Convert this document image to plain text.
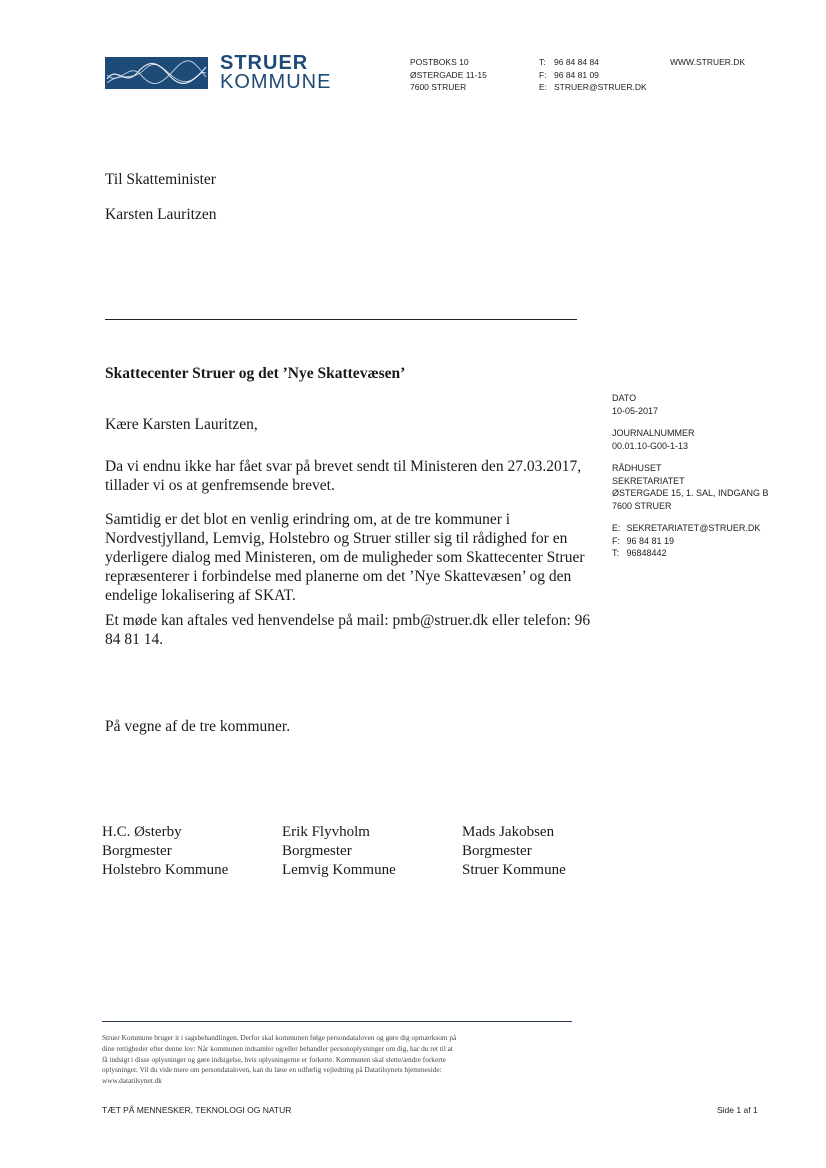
STRUER
KOMMUNE
POSTBOKS 10
ØSTERGADE 11-15
7600 STRUER
T: 96 84 84 84
F: 96 84 81 09
E: STRUER@STRUER.DK
WWW.STRUER.DK
Til Skatteminister
Karsten Lauritzen
Skattecenter Struer og det ’Nye Skattevæsen’
Kære Karsten Lauritzen,

Da vi endnu ikke har fået svar på brevet sendt til Ministeren den 27.03.2017, tillader vi os at genfremsende brevet.

Samtidig er det blot en venlig erindring om, at de tre kommuner i Nordvestjylland, Lemvig, Holstebro og Struer stiller sig til rådighed for en yderligere dialog med Ministeren, om de muligheder som Skattecenter Struer repræsenterer i forbindelse med planerne om det ’Nye Skattevæsen’ og den endelige lokalisering af SKAT.

Et møde kan aftales ved henvendelse på mail: pmb@struer.dk eller telefon: 96 84 81 14.

På vegne af de tre kommuner.
H.C. Østerby
Borgmester
Holstebro Kommune
Erik Flyvholm
Borgmester
Lemvig Kommune
Mads Jakobsen
Borgmester
Struer Kommune
DATO
10-05-2017
JOURNALNUMMER
00.01.10-G00-1-13
RÅDHUSET
SEKRETARIATET
ØSTERGADE 15, 1. SAL, INDGANG B
7600 STRUER
E: SEKRETARIATET@STRUER.DK
F: 96 84 81 19
T: 96848442
Struer Kommune bruger it i sagsbehandlingen. Derfor skal kommunen følge persondataloven og gøre dig opmærksom på
dine rettigheder efter denne lov: Når kommunen indsamler og/eller behandler personoplysninger om dig, har du ret til at
få indsigt i disse oplysninger og gøre indsigelse, hvis oplysningerne er forkerte. Kommunen skal slette/ændre forkerte
oplysninger. Vil du vide mere om persondataloven, kan du læse en udførlig vejledning på Datatilsynets hjemmeside:
www.datatilsynet.dk
TÆT PÅ MENNESKER, TEKNOLOGI OG NATUR	Side 1 af 1
